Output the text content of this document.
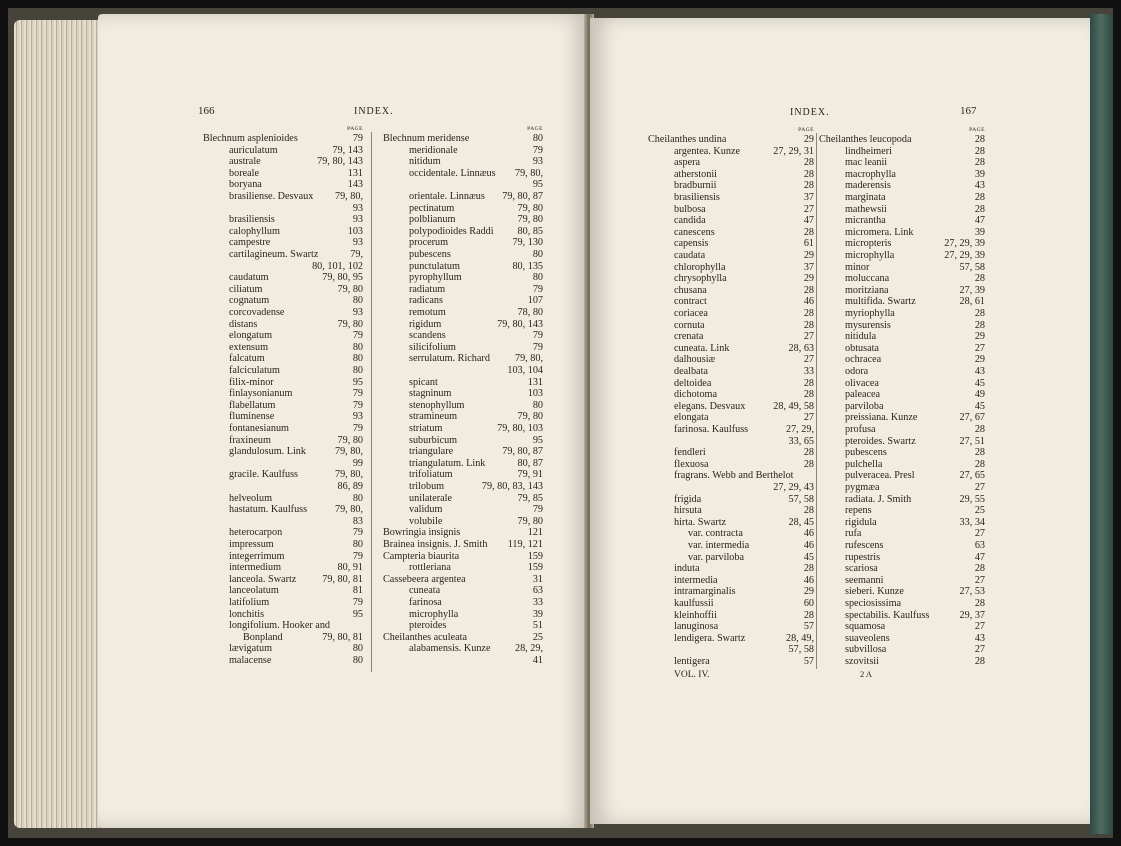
166	INDEX.
PAGE
Blechnum asplenioides	79
auriculatum	79, 143
australe	79, 80, 143
boreale	131
boryana	143
brasiliense. Desvaux 79, 80,
93
brasiliensis	93
calophyllum	103
campestre	93
cartilagineum. Swartz	79,
80, 101, 102
caudatum	79, 80, 95
ciliatum	79, 80
cognatum	80
corcovadense	93
distans	79, 80
elongatum	79
extensum	80
falcatum	80
falciculatum	80
filix-minor	95
finlaysonianum	79
flabellatum	79
fluminense	93
fontanesianum	79
fraxineum	79, 80
glandulosum. Link	79, 80,
99
gracile. Kaulfuss	79, 80,
86, 89
helveolum	80
hastatum. Kaulfuss	79, 80,
83
heterocarpon	79
impressum	80
integerrimum	79
intermedium	80, 91
lanceola. Swartz	79, 80, 81
lanceolatum	81
latifolium	79
lonchitis	95
longifolium. Hooker and
Bonpland	79, 80, 81
lævigatum	80
malacense	80
PAGE
Blechnum meridense	80
meridionale	79
nitidum	93
occidentale. Linnæus 79, 80,
95
orientale. Linnæus 79, 80, 87
pectinatum	79, 80
polblianum	79, 80
polypodioides Raddi 80, 85
procerum	79, 130
pubescens	80
punctulatum	80, 135
pyrophyllum	80
radiatum	79
radicans	107
remotum	78, 80
rigidum	79, 80, 143
scandens	79
silicifolium	79
serrulatum. Richard 79, 80,
103, 104
spicant	131
stagninum	103
stenophyllum	80
stramineum	79, 80
striatum	79, 80, 103
suburbicum	95
triangulare	79, 80, 87
triangulatum. Link	80, 87
trifoliatum	79, 91
trilobum	79, 80, 83, 143
unilaterale	79, 85
validum	79
volubile	79, 80
Bowringia insignis	121
Brainea insignis. J. Smith 119, 121
Campteria biaurita	159
rottleriana	159
Cassebeera argentea	31
cuneata	63
farinosa	33
microphylla	39
pteroides	51
Cheilanthes aculeata	25
alabamensis. Kunze 28, 29,
41
INDEX.	167
PAGE
Cheilanthes undina	29
argentea. Kunze	27, 29, 31
aspera	28
atherstonii	28
bradburnii	28
brasiliensis	37
bulbosa	27
candida	47
canescens	28
capensis	61
caudata	29
chlorophylla	37
chrysophylla	29
chusana	28
contract	46
coriacea	28
cornuta	28
crenata	27
cuneata. Link	28, 63
dalhousiæ	27
dealbata	33
deltoidea	28
dichotoma	28
elegans. Desvaux	28, 49, 58
elongata	27
farinosa. Kaulfuss	27, 29,
33, 65
fendleri	28
flexuosa	28
fragrans. Webb and Berthelot
27, 29, 43
frigida	57, 58
hirsuta	28
hirta. Swartz	28, 45
var. contracta	46
var. intermedia	46
var. parviloba	45
induta	28
intermedia	46
intramarginalis	29
kaulfussii	60
kleinhoffii	28
lanuginosa	57
lendigera. Swartz	28, 49,
57, 58
lentigera	57
PAGE
Cheilanthes leucopoda	28
lindheimeri	28
mac leanii	28
macrophylla	39
maderensis	43
marginata	28
mathewsii	28
micrantha	47
micromera. Link	39
micropteris	27, 29, 39
microphylla	27, 29, 39
minor	57, 58
moluccana	28
moritziana	27, 39
multifida. Swartz	28, 61
myriophylla	28
mysurensis	28
nitidula	29
obtusata	27
ochracea	29
odora	43
olivacea	45
paleacea	49
parviloba	45
preissiana. Kunze	27, 67
profusa	28
pteroides. Swartz	27, 51
pubescens	28
pulchella	28
pulveracea. Presl	27, 65
pygmæa	27
radiata. J. Smith	29, 55
repens	25
rigidula	33, 34
rufa	27
rufescens	63
rupestris	47
scariosa	28
seemanni	27
sieberi. Kunze	27, 53
speciosissima	28
spectabilis. Kaulfuss	29, 37
squamosa	27
suaveolens	43
subvillosa	27
szovitsii	28
VOL. IV.	2 A
